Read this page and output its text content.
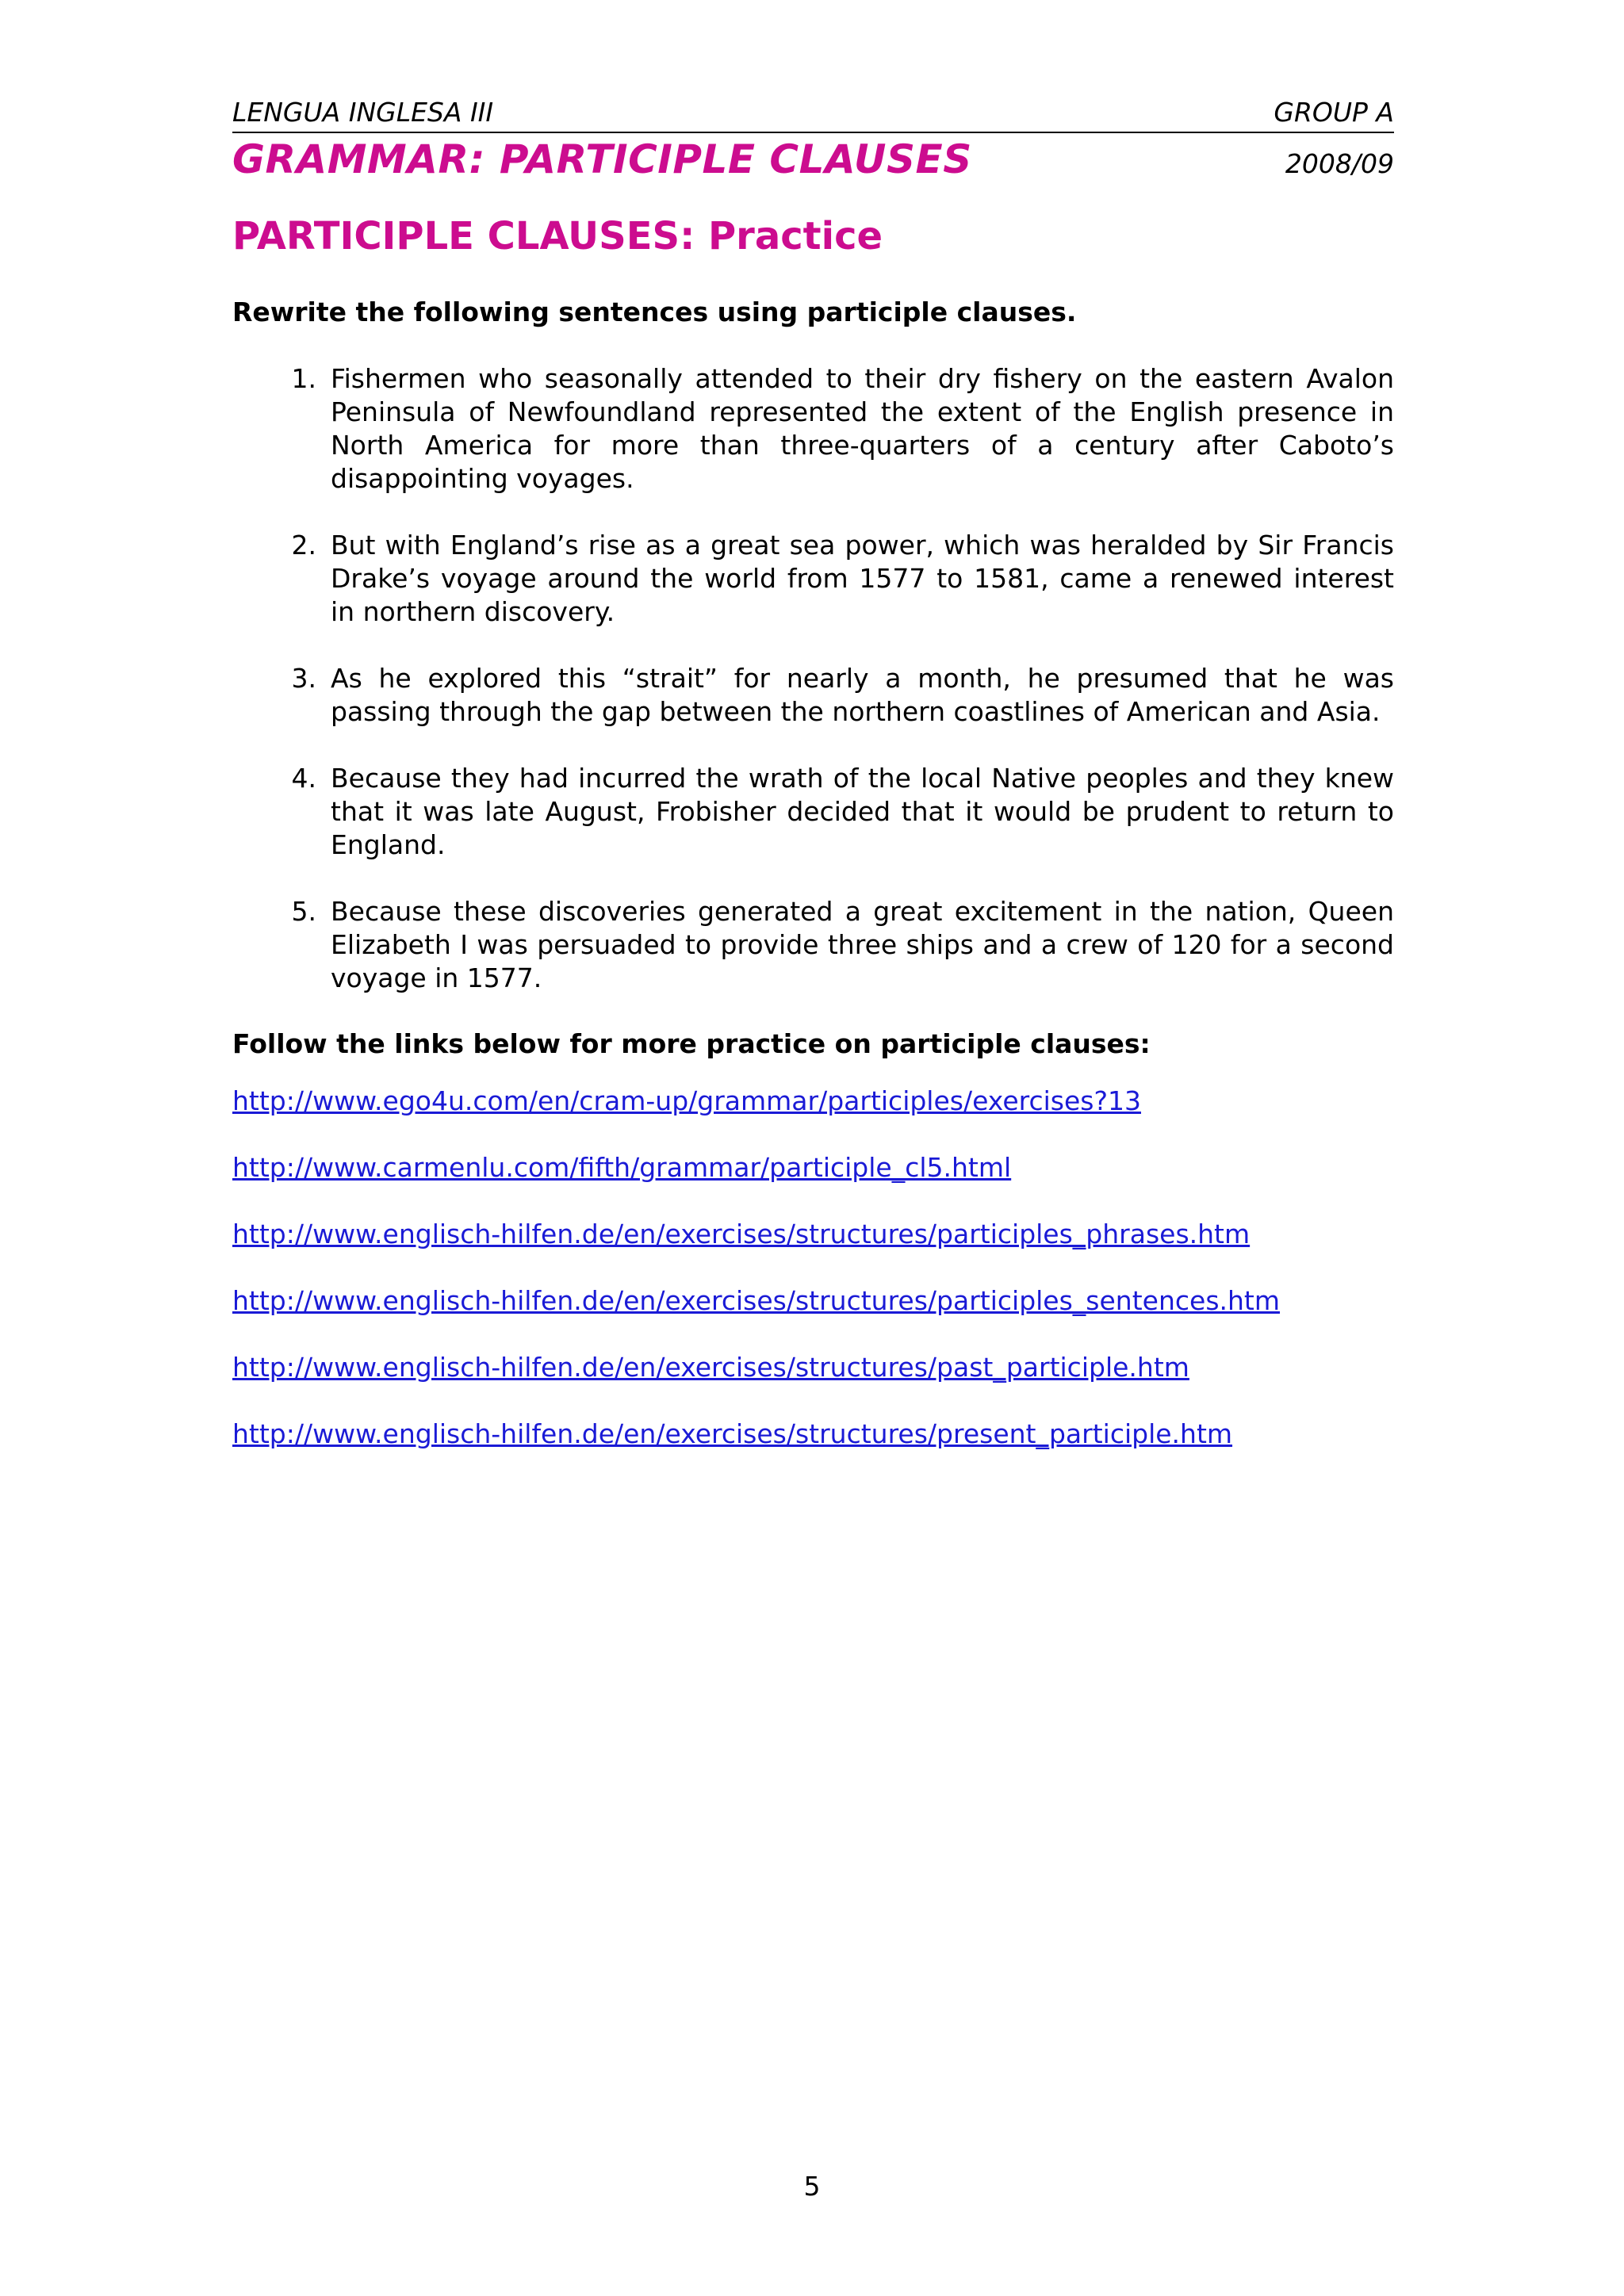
LENGUA INGLESA III	GROUP A
GRAMMAR: PARTICIPLE CLAUSES	2008/09
PARTICIPLE CLAUSES: Practice
Rewrite the following sentences using participle clauses.
1. Fishermen who seasonally attended to their dry fishery on the eastern Avalon Peninsula of Newfoundland represented the extent of the English presence in North America for more than three-quarters of a century after Caboto’s disappointing voyages.
2. But with England’s rise as a great sea power, which was heralded by Sir Francis Drake’s voyage around the world from 1577 to 1581, came a renewed interest in northern discovery.
3. As he explored this “strait” for nearly a month, he presumed that he was passing through the gap between the northern coastlines of American and Asia.
4. Because they had incurred the wrath of the local Native peoples and they knew that it was late August, Frobisher decided that it would be prudent to return to England.
5. Because these discoveries generated a great excitement in the nation, Queen Elizabeth I was persuaded to provide three ships and a crew of 120 for a second voyage in 1577.
Follow the links below for more practice on participle clauses:
http://www.ego4u.com/en/cram-up/grammar/participles/exercises?13
http://www.carmenlu.com/fifth/grammar/participle_cl5.html
http://www.englisch-hilfen.de/en/exercises/structures/participles_phrases.htm
http://www.englisch-hilfen.de/en/exercises/structures/participles_sentences.htm
http://www.englisch-hilfen.de/en/exercises/structures/past_participle.htm
http://www.englisch-hilfen.de/en/exercises/structures/present_participle.htm
5
